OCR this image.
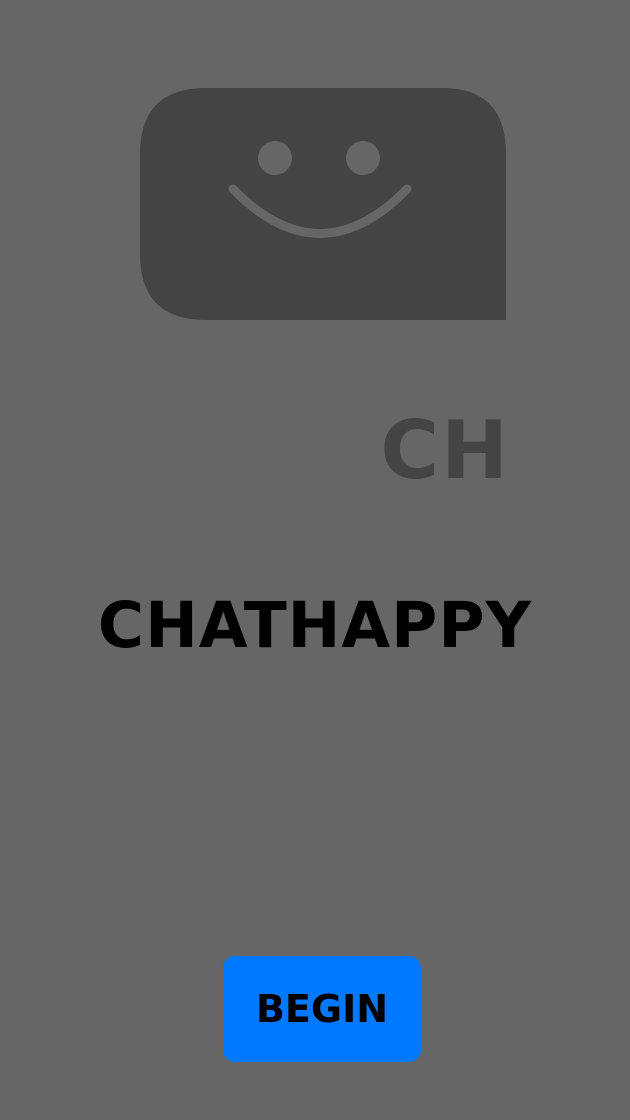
CH
CHATHAPPY
BEGIN
